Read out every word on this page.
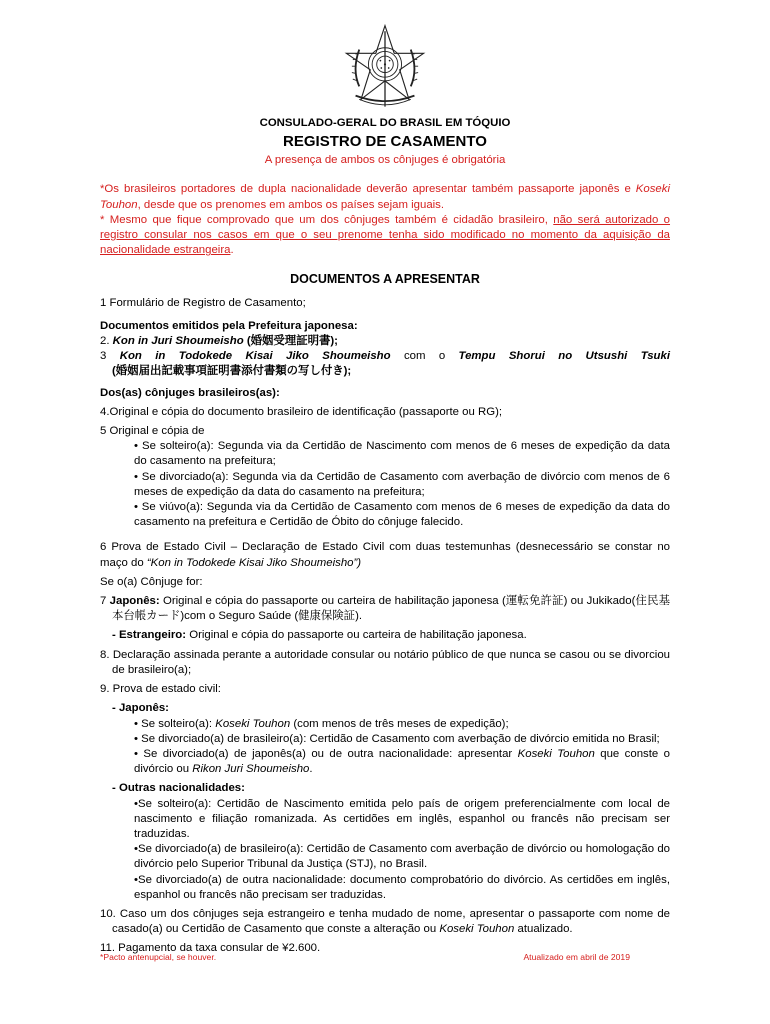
CONSULADO-GERAL DO BRASIL EM TÓQUIO
REGISTRO DE CASAMENTO
A presença de ambos os cônjuges é obrigatória

*Os brasileiros portadores de dupla nacionalidade deverão apresentar também passaporte japonês e Koseki Touhon, desde que os prenomes em ambos os países sejam iguais.

* Mesmo que fique comprovado que um dos cônjuges também é cidadão brasileiro, não será autorizado o registro consular nos casos em que o seu prenome tenha sido modificado no momento da aquisição da nacionalidade estrangeira.

DOCUMENTOS A APRESENTAR

1 Formulário de Registro de Casamento;

Documentos emitidos pela Prefeitura japonesa:

2. Kon in Juri Shoumeisho (婚姻受理証明書);

3 Kon in Todokede Kisai Jiko Shoumeisho com o Tempu Shorui no Utsushi Tsuki

(婚姻届出記載事項証明書添付書類の写し付き);

Dos(as) cônjuges brasileiros(as):

4.Original e cópia do documento brasileiro de identificação (passaporte ou RG);

5 Original e cópia de

• Se solteiro(a): Segunda via da Certidão de Nascimento com menos de 6 meses de expedição da data do casamento na prefeitura;
• Se divorciado(a): Segunda via da Certidão de Casamento com averbação de divórcio com menos de 6 meses de expedição da data do casamento na prefeitura;
• Se viúvo(a): Segunda via da Certidão de Casamento com menos de 6 meses de expedição da data do casamento na prefeitura e Certidão de Óbito do cônjuge falecido.

6 Prova de Estado Civil – Declaração de Estado Civil com duas testemunhas (desnecessário se constar no maço do “Kon in Todokede Kisai Jiko Shoumeisho”)

Se o(a) Cônjuge for:

7 Japonês: Original e cópia do passaporte ou carteira de habilitação japonesa (運転免許証) ou Jukikado(住民基本台帳カード)com o Seguro Saúde (健康保険証).

- Estrangeiro: Original e cópia do passaporte ou carteira de habilitação japonesa.

8. Declaração assinada perante a autoridade consular ou notário público de que nunca se casou ou se divorciou de brasileiro(a);

9. Prova de estado civil:

- Japonês:

• Se solteiro(a): Koseki Touhon (com menos de três meses de expedição);
• Se divorciado(a) de brasileiro(a): Certidão de Casamento com averbação de divórcio emitida no Brasil;
• Se divorciado(a) de japonês(a) ou de outra nacionalidade: apresentar Koseki Touhon que conste o divórcio ou Rikon Juri Shoumeisho.

- Outras nacionalidades:

•Se solteiro(a): Certidão de Nascimento emitida pelo país de origem preferencialmente com local de nascimento e filiação romanizada. As certidões em inglês, espanhol ou francês não precisam ser traduzidas.
•Se divorciado(a) de brasileiro(a): Certidão de Casamento com averbação de divórcio ou homologação do divórcio pelo Superior Tribunal da Justiça (STJ), no Brasil.
•Se divorciado(a) de outra nacionalidade: documento comprobatório do divórcio. As certidões em inglês, espanhol ou francês não precisam ser traduzidas.

10. Caso um dos cônjuges seja estrangeiro e tenha mudado de nome, apresentar o passaporte com nome de casado(a) ou Certidão de Casamento que conste a alteração ou Koseki Touhon atualizado.

11. Pagamento da taxa consular de ¥2.600.

*Pacto antenupcial, se houver.	Atualizado em abril de 2019
